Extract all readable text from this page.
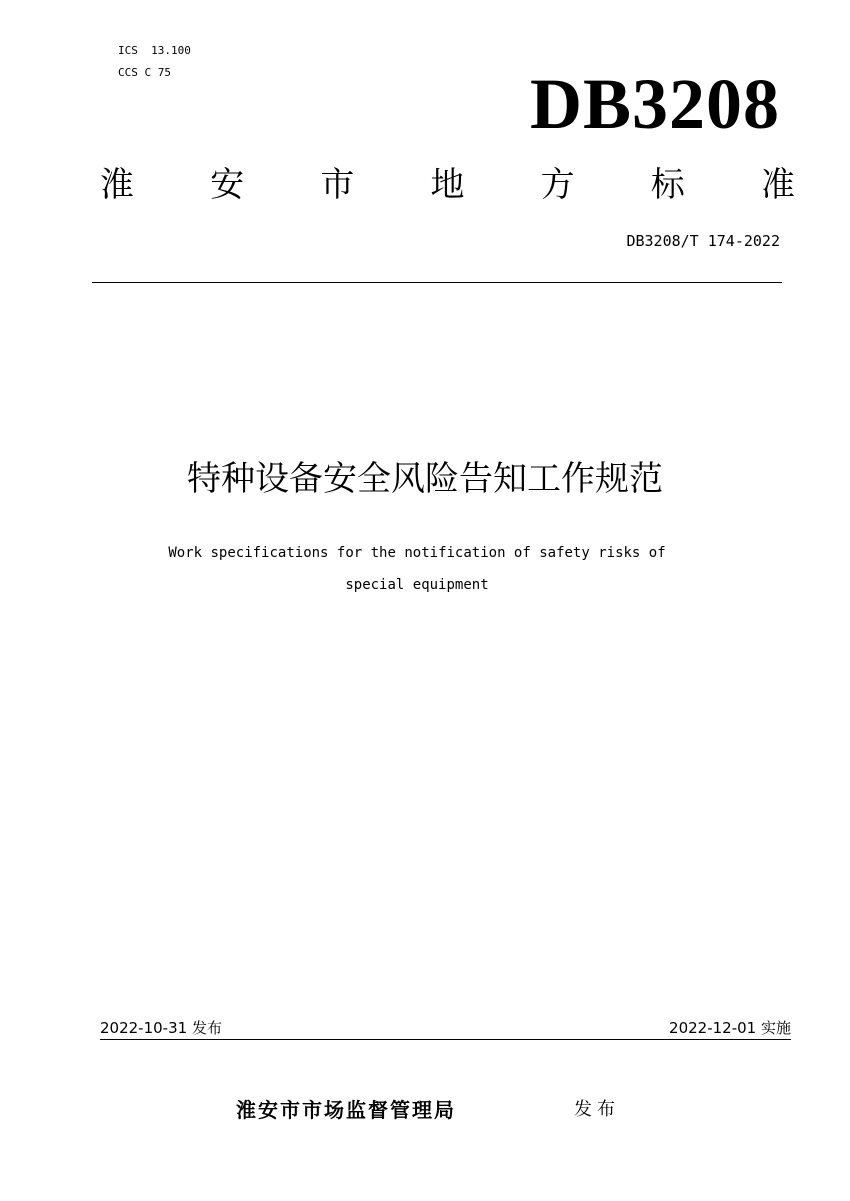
ICS  13.100
CCS C 75	DB3208
淮 安 市 地 方 标 准
DB3208/T 174-2022
特种设备安全风险告知工作规范
Work specifications for the notification of safety risks of
special equipment
2022-10-31 发布	2022-12-01 实施
淮安市市场监督管理局	发布
